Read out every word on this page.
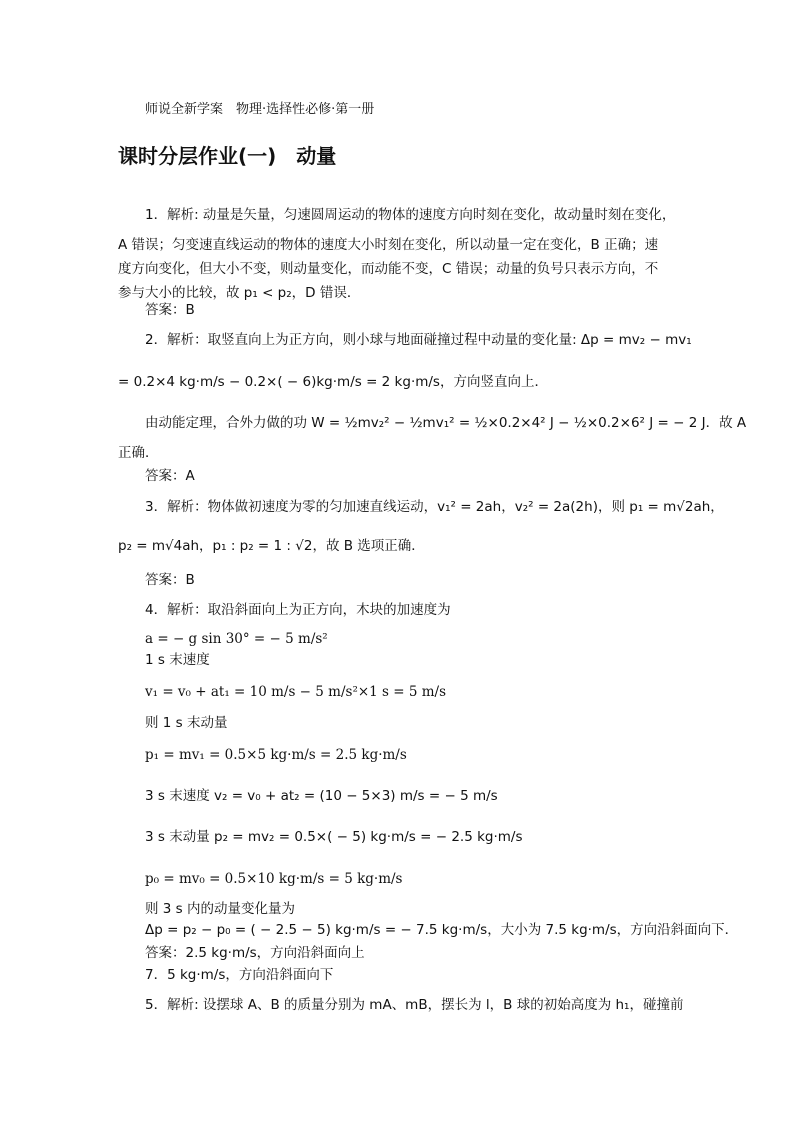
师说全新学案　物理·选择性必修·第一册
课时分层作业(一)　动量
1．解析: 动量是矢量，匀速圆周运动的物体的速度方向时刻在变化，故动量时刻在变化，
A 错误；匀变速直线运动的物体的速度大小时刻在变化，所以动量一定在变化，B 正确；速
度方向变化，但大小不变，则动量变化，而动能不变，C 错误；动量的负号只表示方向，不
参与大小的比较，故 p₁ < p₂，D 错误．
答案：B
2．解析：取竖直向上为正方向，则小球与地面碰撞过程中动量的变化量: Δp = mv₂ − mv₁
= 0.2×4 kg·m/s − 0.2×( − 6)kg·m/s = 2 kg·m/s，方向竖直向上．
由动能定理，合外力做的功 W = ½mv₂² − ½mv₁² = ½×0.2×4² J − ½×0.2×6² J = − 2 J．故 A
正确．
答案：A
3．解析：物体做初速度为零的匀加速直线运动，v₁² = 2ah，v₂² = 2a(2h)，则 p₁ = m√2ah，
p₂ = m√4ah，p₁ : p₂ = 1 : √2，故 B 选项正确．
答案：B
4．解析：取沿斜面向上为正方向，木块的加速度为
a = − g sin 30° = − 5 m/s²
1 s 末速度
v₁ = v₀ + at₁ = 10 m/s − 5 m/s²×1 s = 5 m/s
则 1 s 末动量
p₁ = mv₁ = 0.5×5 kg·m/s = 2.5 kg·m/s
3 s 末速度 v₂ = v₀ + at₂ = (10 − 5×3) m/s = − 5 m/s
3 s 末动量 p₂ = mv₂ = 0.5×( − 5) kg·m/s = − 2.5 kg·m/s
p₀ = mv₀ = 0.5×10 kg·m/s = 5 kg·m/s
则 3 s 内的动量变化量为
Δp = p₂ − p₀ = ( − 2.5 − 5) kg·m/s = − 7.5 kg·m/s，大小为 7.5 kg·m/s，方向沿斜面向下．
答案：2.5 kg·m/s，方向沿斜面向上
7．5 kg·m/s，方向沿斜面向下
5．解析: 设摆球 A、B 的质量分别为 mA、mB，摆长为 l，B 球的初始高度为 h₁，碰撞前
